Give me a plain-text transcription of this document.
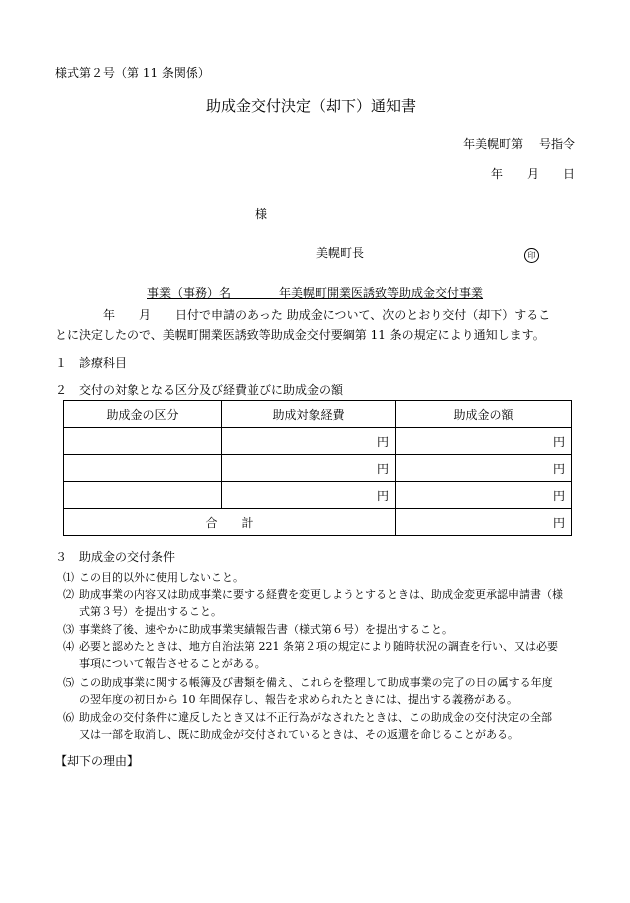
様式第２号（第 11 条関係）
助成金交付決定（却下）通知書
年美幌町第　 号指令
年　　月　　日
様
美幌町長	印
事業（事務）名　　　　年美幌町開業医誘致等助成金交付事業
年　　月　　日付で申請のあった 助成金について、次のとおり交付（却下）するこ
とに決定したので、美幌町開業医誘致等助成金交付要綱第 11 条の規定により通知します。
１　診療科目
２　交付の対象となる区分及び経費並びに助成金の額
助成金の区分	助成対象経費	助成金の額
	円	円
	円	円
	円	円
合　　計		円
３　助成金の交付条件
⑴ この目的以外に使用しないこと。
⑵ 助成事業の内容又は助成事業に要する経費を変更しようとするときは、助成金変更承認申請書（様
式第３号）を提出すること。
⑶ 事業終了後、速やかに助成事業実績報告書（様式第６号）を提出すること。
⑷ 必要と認めたときは、地方自治法第 221 条第２項の規定により随時状況の調査を行い、又は必要
事項について報告させることがある。
⑸ この助成事業に関する帳簿及び書類を備え、これらを整理して助成事業の完了の日の属する年度
の翌年度の初日から 10 年間保存し、報告を求められたときには、提出する義務がある。
⑹ 助成金の交付条件に違反したとき又は不正行為がなされたときは、この助成金の交付決定の全部
又は一部を取消し、既に助成金が交付されているときは、その返還を命じることがある。
【却下の理由】
